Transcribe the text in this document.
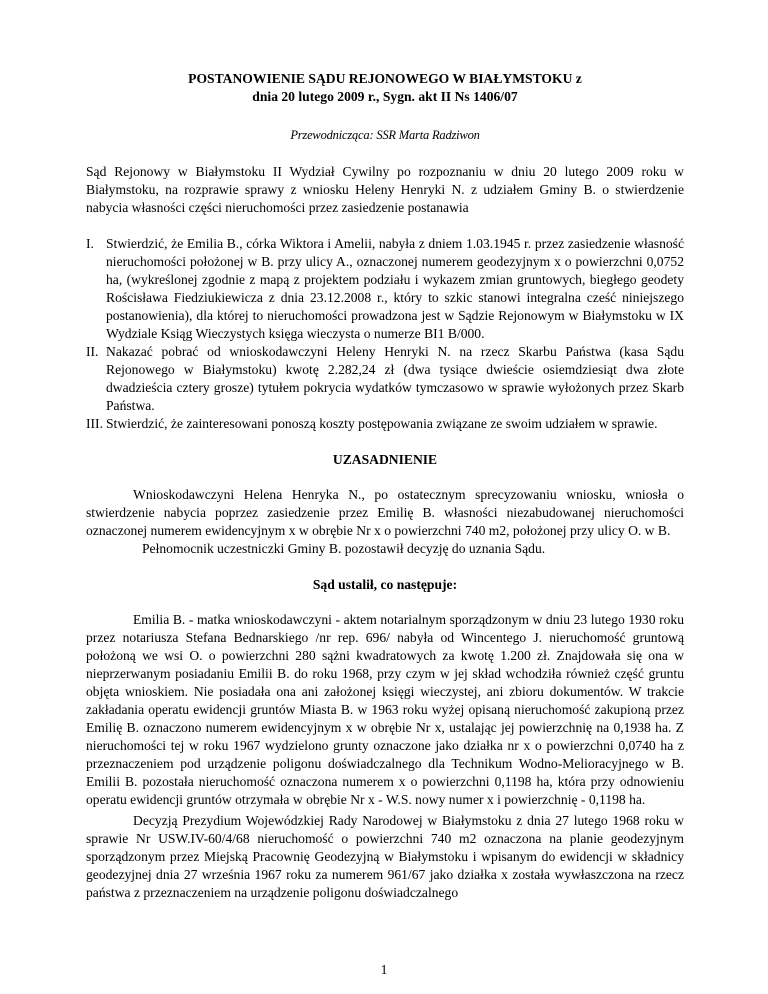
POSTANOWIENIE SĄDU REJONOWEGO W BIAŁYMSTOKU z
dnia 20 lutego 2009 r., Sygn. akt II Ns 1406/07

Przewodnicząca: SSR Marta Radziwon

Sąd Rejonowy w Białymstoku II Wydział Cywilny po rozpoznaniu w dniu 20 lutego 2009 roku w Białymstoku, na rozprawie sprawy z wniosku Heleny Henryki N. z udziałem Gminy B. o stwierdzenie nabycia własności części nieruchomości przez zasiedzenie postanawia

I. Stwierdzić, że Emilia B., córka Wiktora i Amelii, nabyła z dniem 1.03.1945 r. przez zasiedzenie własność nieruchomości położonej w B. przy ulicy A., oznaczonej numerem geodezyjnym x o powierzchni 0,0752 ha, (wykreślonej zgodnie z mapą z projektem podziału i wykazem zmian gruntowych, biegłego geodety Rościsława Fiedziukiewicza z dnia 23.12.2008 r., który to szkic stanowi integralna cześć niniejszego postanowienia), dla której to nieruchomości prowadzona jest w Sądzie Rejonowym w Białymstoku w IX Wydziale Ksiąg Wieczystych księga wieczysta o numerze BI1 B/000.
II. Nakazać pobrać od wnioskodawczyni Heleny Henryki N. na rzecz Skarbu Państwa (kasa Sądu Rejonowego w Białymstoku) kwotę 2.282,24 zł (dwa tysiące dwieście osiemdziesiąt dwa złote dwadzieścia cztery grosze) tytułem pokrycia wydatków tymczasowo w sprawie wyłożonych przez Skarb Państwa.
III. Stwierdzić, że zainteresowani ponoszą koszty postępowania związane ze swoim udziałem w sprawie.

UZASADNIENIE

Wnioskodawczyni Helena Henryka N., po ostatecznym sprecyzowaniu wniosku, wniosła o stwierdzenie nabycia poprzez zasiedzenie przez Emilię B. własności niezabudowanej nieruchomości oznaczonej numerem ewidencyjnym x w obrębie Nr x o powierzchni 740 m2, położonej przy ulicy O. w B.

Pełnomocnik uczestniczki Gminy B. pozostawił decyzję do uznania Sądu.

Sąd ustalił, co następuje:

Emilia B. - matka wnioskodawczyni - aktem notarialnym sporządzonym w dniu 23 lutego 1930 roku przez notariusza Stefana Bednarskiego /nr rep. 696/ nabyła od Wincentego J. nieruchomość gruntową położoną we wsi O. o powierzchni 280 sążni kwadratowych za kwotę 1.200 zł. Znajdowała się ona w nieprzerwanym posiadaniu Emilii B. do roku 1968, przy czym w jej skład wchodziła również część gruntu objęta wnioskiem. Nie posiadała ona ani założonej księgi wieczystej, ani zbioru dokumentów. W trakcie zakładania operatu ewidencji gruntów Miasta B. w 1963 roku wyżej opisaną nieruchomość zakupioną przez Emilię B. oznaczono numerem ewidencyjnym x w obrębie Nr x, ustalając jej powierzchnię na 0,1938 ha. Z nieruchomości tej w roku 1967 wydzielono grunty oznaczone jako działka nr x o powierzchni 0,0740 ha z przeznaczeniem pod urządzenie poligonu doświadczalnego dla Technikum Wodno-Melioracyjnego w B. Emilii B. pozostała nieruchomość oznaczona numerem x o powierzchni 0,1198 ha, która przy odnowieniu operatu ewidencji gruntów otrzymała w obrębie Nr x - W.S. nowy numer x i powierzchnię - 0,1198 ha.

Decyzją Prezydium Wojewódzkiej Rady Narodowej w Białymstoku z dnia 27 lutego 1968 roku w sprawie Nr USW.IV-60/4/68 nieruchomość o powierzchni 740 m2 oznaczona na planie geodezyjnym sporządzonym przez Miejską Pracownię Geodezyjną w Białymstoku i wpisanym do ewidencji w składnicy geodezyjnej dnia 27 września 1967 roku za numerem 961/67 jako działka x została wywłaszczona na rzecz państwa z przeznaczeniem na urządzenie poligonu doświadczalnego

1
